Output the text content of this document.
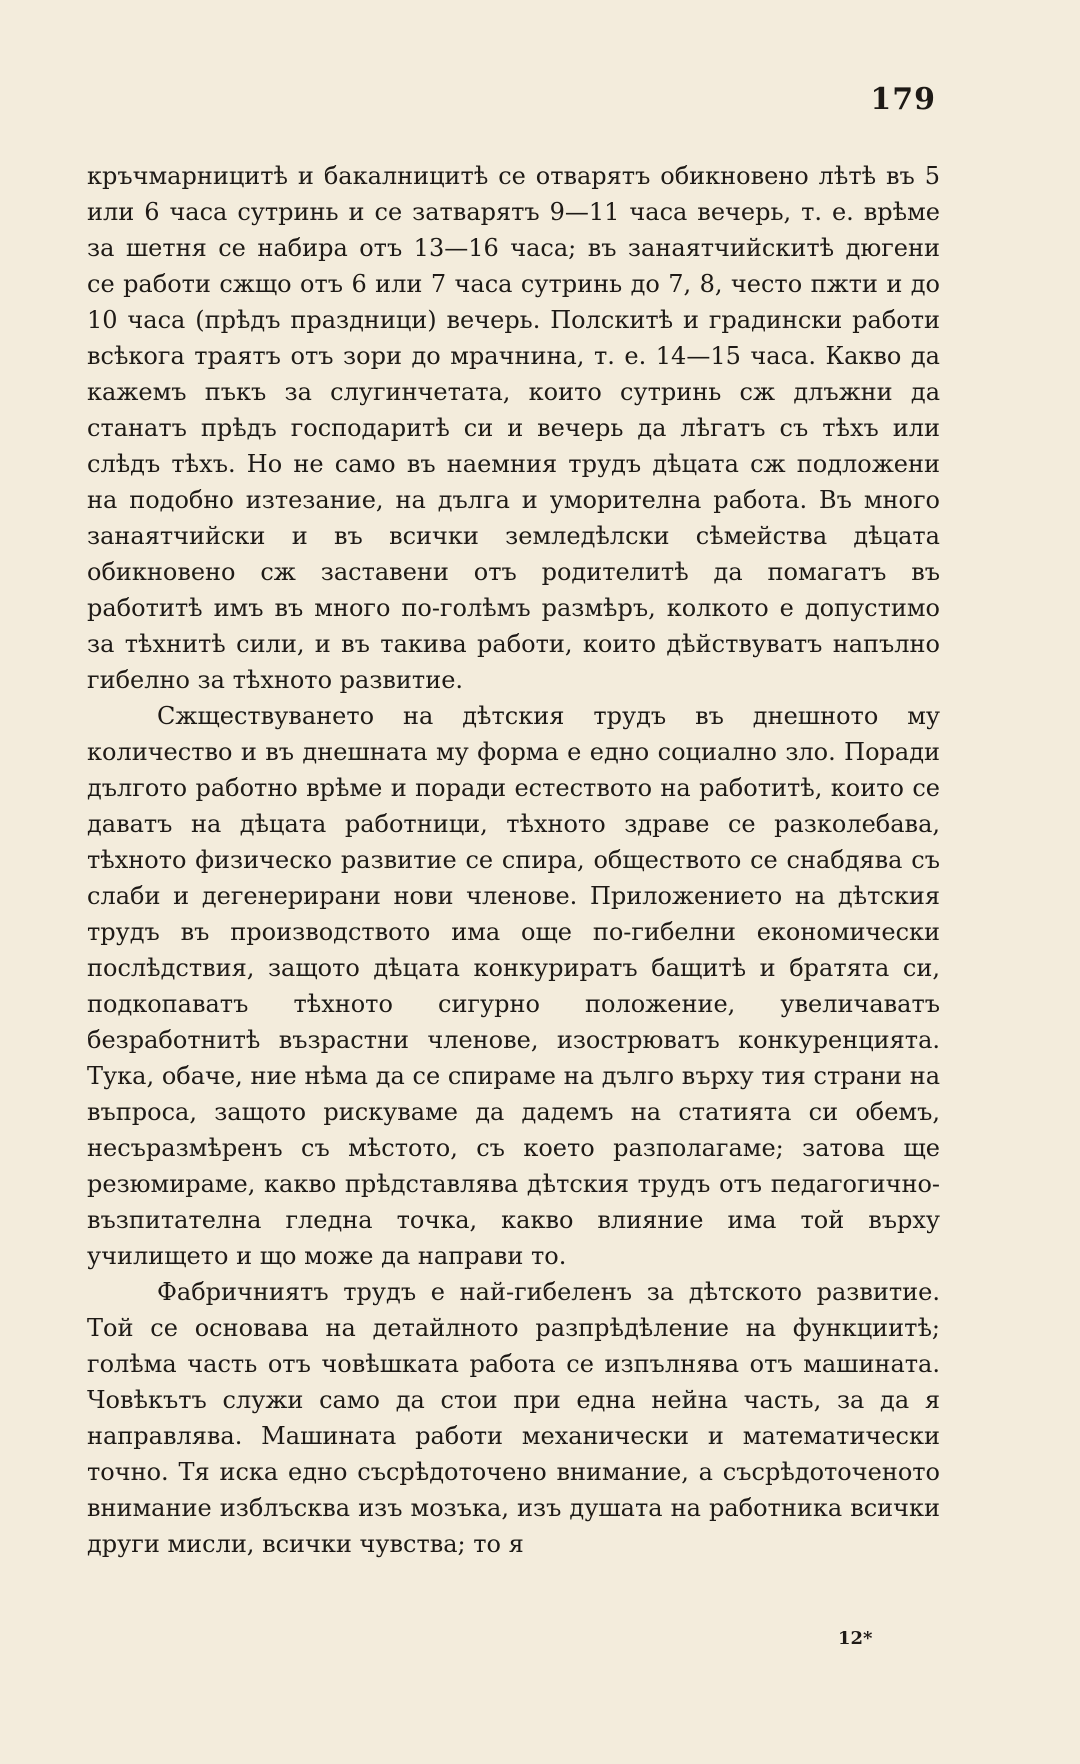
179

кръчмарницитѣ и бакалницитѣ се отварятъ обикновено лѣтѣ въ 5 или 6 часа сутринь и се затварятъ 9—11 часа вечерь, т. е. врѣме за шетня се набира отъ 13—16 часа; въ занаятчийскитѣ дюгени се работи сжщо отъ 6 или 7 часа сутринь до 7, 8, често пжти и до 10 часа (прѣдъ праздници) вечерь. Полскитѣ и градински работи всѣкога траятъ отъ зори до мрачнина, т. е. 14—15 часа. Какво да кажемъ пъкъ за слугинчетата, които сутринь сж длъжни да станатъ прѣдъ господаритѣ си и вечерь да лѣгатъ съ тѣхъ или слѣдъ тѣхъ. Но не само въ наемния трудъ дѣцата сж подложени на подобно изтезание, на дълга и уморителна работа. Въ много занаятчийски и въ всички земледѣлски сѣмейства дѣцата обикновено сж заставени отъ родителитѣ да помагатъ въ работитѣ имъ въ много по-голѣмъ размѣръ, колкото е допустимо за тѣхнитѣ сили, и въ такива работи, които дѣйствуватъ напълно гибелно за тѣхното развитие.

Сжществуването на дѣтския трудъ въ днешното му количество и въ днешната му форма е едно социално зло. Поради дългото работно врѣме и поради естеството на работитѣ, които се даватъ на дѣцата работници, тѣхното здраве се разколебава, тѣхното физическо развитие се спира, обществото се снабдява съ слаби и дегенерирани нови членове. Приложението на дѣтския трудъ въ производството има още по-гибелни економически послѣдствия, защото дѣцата конкуриратъ бащитѣ и братята си, подкопаватъ тѣхното сигурно положение, увеличаватъ безработнитѣ възрастни членове, изострюватъ конкуренцията. Тука, обаче, ние нѣма да се спираме на дълго върху тия страни на въпроса, защото рискуваме да дадемъ на статията си обемъ, несъразмѣренъ съ мѣстото, съ което разполагаме; затова ще резюмираме, какво прѣдставлява дѣтския трудъ отъ педагогично-възпитателна гледна точка, какво влияние има той върху училището и що може да направи то.

Фабричниятъ трудъ е най-гибеленъ за дѣтското развитие. Той се основава на детайлното разпрѣдѣление на функциитѣ; голѣма часть отъ човѣшката работа се изпълнява отъ машината. Човѣкътъ служи само да стои при една нейна часть, за да я направлява. Машината работи механически и математически точно. Тя иска едно съсрѣдоточено внимание, а съсрѣдоточеното внимание изблъсква изъ мозъка, изъ душата на работника всички други мисли, всички чувства; то я

12*
